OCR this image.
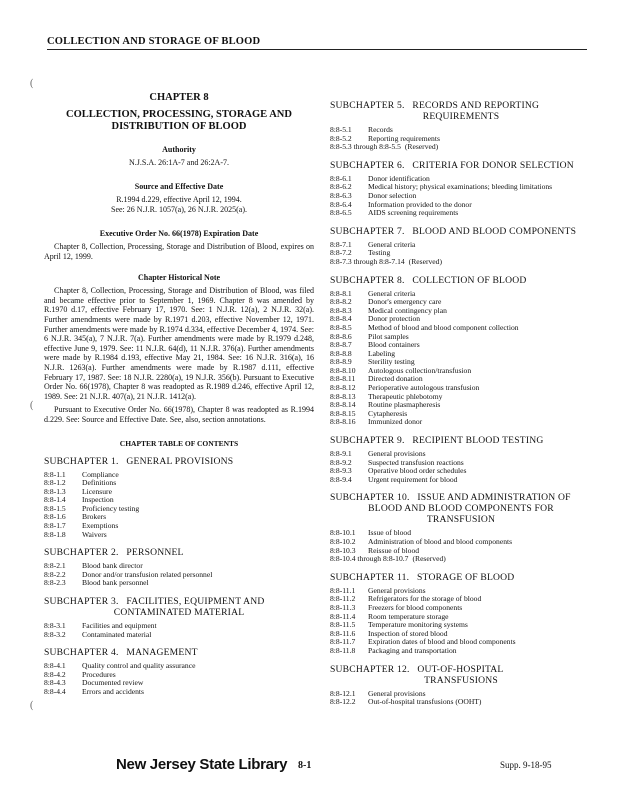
COLLECTION AND STORAGE OF BLOOD
(
(
(
CHAPTER 8
COLLECTION, PROCESSING, STORAGE AND DISTRIBUTION OF BLOOD
Authority
N.J.S.A. 26:1A-7 and 26:2A-7.
Source and Effective Date
R.1994 d.229, effective April 12, 1994.
See: 26 N.J.R. 1057(a), 26 N.J.R. 2025(a).
Executive Order No. 66(1978) Expiration Date

Chapter 8, Collection, Processing, Storage and Distribution of Blood, expires on April 12, 1999.

Chapter Historical Note

Chapter 8, Collection, Processing, Storage and Distribution of Blood, was filed and became effective prior to September 1, 1969. Chapter 8 was amended by R.1970 d.17, effective February 17, 1970. See: 1 N.J.R. 12(a), 2 N.J.R. 32(a). Further amendments were made by R.1971 d.203, effective November 12, 1971. Further amendments were made by R.1974 d.334, effective December 4, 1974. See: 6 N.J.R. 345(a), 7 N.J.R. 7(a). Further amendments were made by R.1979 d.248, effective June 9, 1979. See: 11 N.J.R. 64(d), 11 N.J.R. 376(a). Further amendments were made by R.1984 d.193, effective May 21, 1984. See: 16 N.J.R. 316(a), 16 N.J.R. 1263(a). Further amendments were made by R.1987 d.111, effective February 17, 1987. See: 18 N.J.R. 2280(a), 19 N.J.R. 356(b). Pursuant to Executive Order No. 66(1978), Chapter 8 was readopted as R.1989 d.246, effective April 12, 1989. See: 21 N.J.R. 407(a), 21 N.J.R. 1412(a).

Pursuant to Executive Order No. 66(1978), Chapter 8 was readopted as R.1994 d.229. See: Source and Effective Date. See, also, section annotations.

CHAPTER TABLE OF CONTENTS
SUBCHAPTER 1. GENERAL PROVISIONS
8:8-1.1	Compliance
8:8-1.2	Definitions
8:8-1.3	Licensure
8:8-1.4	Inspection
8:8-1.5	Proficiency testing
8:8-1.6	Brokers
8:8-1.7	Exemptions
8:8-1.8	Waivers
SUBCHAPTER 2. PERSONNEL
8:8-2.1	Blood bank director
8:8-2.2	Donor and/or transfusion related personnel
8:8-2.3	Blood bank personnel
SUBCHAPTER 3. FACILITIES, EQUIPMENT AND

CONTAMINATED MATERIAL
8:8-3.1	Facilities and equipment
8:8-3.2	Contaminated material
SUBCHAPTER 4. MANAGEMENT
8:8-4.1	Quality control and quality assurance
8:8-4.2	Procedures
8:8-4.3	Documented review
8:8-4.4	Errors and accidents
SUBCHAPTER 5. RECORDS AND REPORTING

REQUIREMENTS
8:8-5.1	Records
8:8-5.2	Reporting requirements
8:8-5.3 through 8:8-5.5 (Reserved)
SUBCHAPTER 6. CRITERIA FOR DONOR SELECTION
8:8-6.1	Donor identification
8:8-6.2	Medical history; physical examinations; bleeding limitations
8:8-6.3	Donor selection
8:8-6.4	Information provided to the donor
8:8-6.5	AIDS screening requirements
SUBCHAPTER 7. BLOOD AND BLOOD COMPONENTS
8:8-7.1	General criteria
8:8-7.2	Testing
8:8-7.3 through 8:8-7.14 (Reserved)
SUBCHAPTER 8. COLLECTION OF BLOOD
8:8-8.1	General criteria
8:8-8.2	Donor's emergency care
8:8-8.3	Medical contingency plan
8:8-8.4	Donor protection
8:8-8.5	Method of blood and blood component collection
8:8-8.6	Pilot samples
8:8-8.7	Blood containers
8:8-8.8	Labeling
8:8-8.9	Sterility testing
8:8-8.10	Autologous collection/transfusion
8:8-8.11	Directed donation
8:8-8.12	Perioperative autologous transfusion
8:8-8.13	Therapeutic phlebotomy
8:8-8.14	Routine plasmapheresis
8:8-8.15	Cytapheresis
8:8-8.16	Immunized donor
SUBCHAPTER 9. RECIPIENT BLOOD TESTING
8:8-9.1	General provisions
8:8-9.2	Suspected transfusion reactions
8:8-9.3	Operative blood order schedules
8:8-9.4	Urgent requirement for blood
SUBCHAPTER 10. ISSUE AND ADMINISTRATION OF

BLOOD AND BLOOD COMPONENTS FOR
TRANSFUSION
8:8-10.1	Issue of blood
8:8-10.2	Administration of blood and blood components
8:8-10.3	Reissue of blood
8:8-10.4 through 8:8-10.7 (Reserved)
SUBCHAPTER 11. STORAGE OF BLOOD
8:8-11.1	General provisions
8:8-11.2	Refrigerators for the storage of blood
8:8-11.3	Freezers for blood components
8:8-11.4	Room temperature storage
8:8-11.5	Temperature monitoring systems
8:8-11.6	Inspection of stored blood
8:8-11.7	Expiration dates of blood and blood components
8:8-11.8	Packaging and transportation
SUBCHAPTER 12. OUT-OF-HOSPITAL

TRANSFUSIONS
8:8-12.1	General provisions
8:8-12.2	Out-of-hospital transfusions (OOHT)
New Jersey State Library 8-1	Supp. 9-18-95
